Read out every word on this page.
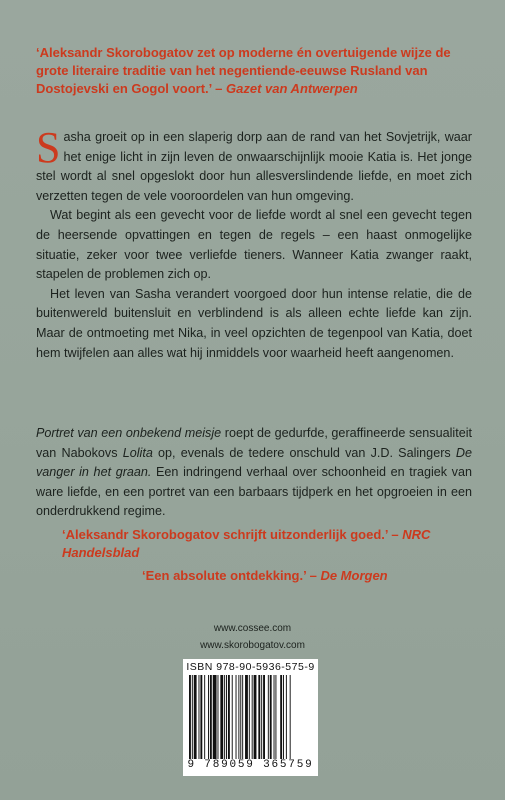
‘Aleksandr Skorobogatov zet op moderne én overtuigende wijze de grote literaire traditie van het negentiende-eeuwse Rusland van Dostojevski en Gogol voort.’ – Gazet van Antwerpen

Sasha groeit op in een slaperig dorp aan de rand van het Sovjetrijk, waar het enige licht in zijn leven de onwaarschijnlijk mooie Katia is. Het jonge stel wordt al snel opgeslokt door hun allesverslindende liefde, en moet zich verzetten tegen de vele vooroordelen van hun omgeving.

Wat begint als een gevecht voor de liefde wordt al snel een gevecht tegen de heersende opvattingen en tegen de regels – een haast onmogelijke situatie, zeker voor twee verliefde tieners. Wanneer Katia zwanger raakt, stapelen de problemen zich op.

Het leven van Sasha verandert voorgoed door hun intense relatie, die de buitenwereld buitensluit en verblindend is als alleen echte liefde kan zijn. Maar de ontmoeting met Nika, in veel opzichten de tegenpool van Katia, doet hem twijfelen aan alles wat hij inmiddels voor waarheid heeft aangenomen.

Portret van een onbekend meisje roept de gedurfde, geraffineerde sensualiteit van Nabokovs Lolita op, evenals de tedere onschuld van J.D. Salingers De vanger in het graan. Een indringend verhaal over schoonheid en tragiek van ware liefde, en een portret van een barbaars tijdperk en het opgroeien in een onderdrukkend regime.

‘Aleksandr Skorobogatov schrijft uitzonderlijk goed.’ – NRC Handelsblad
‘Een absolute ontdekking.’ – De Morgen
www.cossee.com
www.skorobogatov.com
ISBN 978-90-5936-575-9
9 789059 365759
